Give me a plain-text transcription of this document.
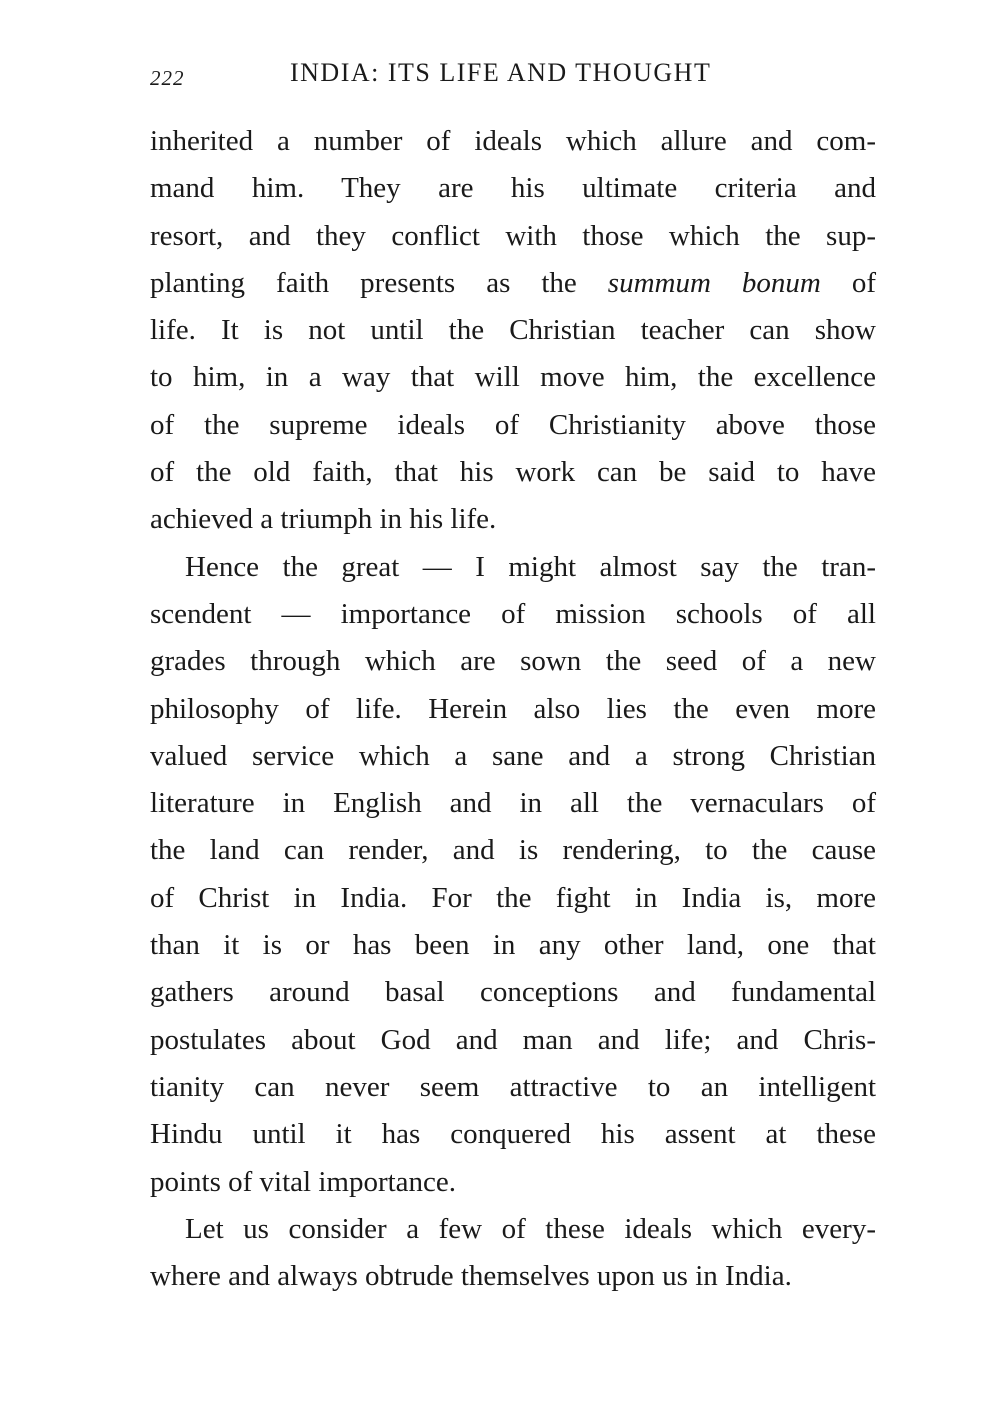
222	INDIA: ITS LIFE AND THOUGHT

inherited a number of ideals which allure and com-
mand him. They are his ultimate criteria and
resort, and they conflict with those which the sup-
planting faith presents as the summum bonum of
life. It is not until the Christian teacher can show
to him, in a way that will move him, the excellence
of the supreme ideals of Christianity above those
of the old faith, that his work can be said to have
achieved a triumph in his life.

Hence the great — I might almost say the tran-
scendent — importance of mission schools of all
grades through which are sown the seed of a new
philosophy of life. Herein also lies the even more
valued service which a sane and a strong Christian
literature in English and in all the vernaculars of
the land can render, and is rendering, to the cause
of Christ in India. For the fight in India is, more
than it is or has been in any other land, one that
gathers around basal conceptions and fundamental
postulates about God and man and life; and Chris-
tianity can never seem attractive to an intelligent
Hindu until it has conquered his assent at these
points of vital importance.

Let us consider a few of these ideals which every-
where and always obtrude themselves upon us in India.
